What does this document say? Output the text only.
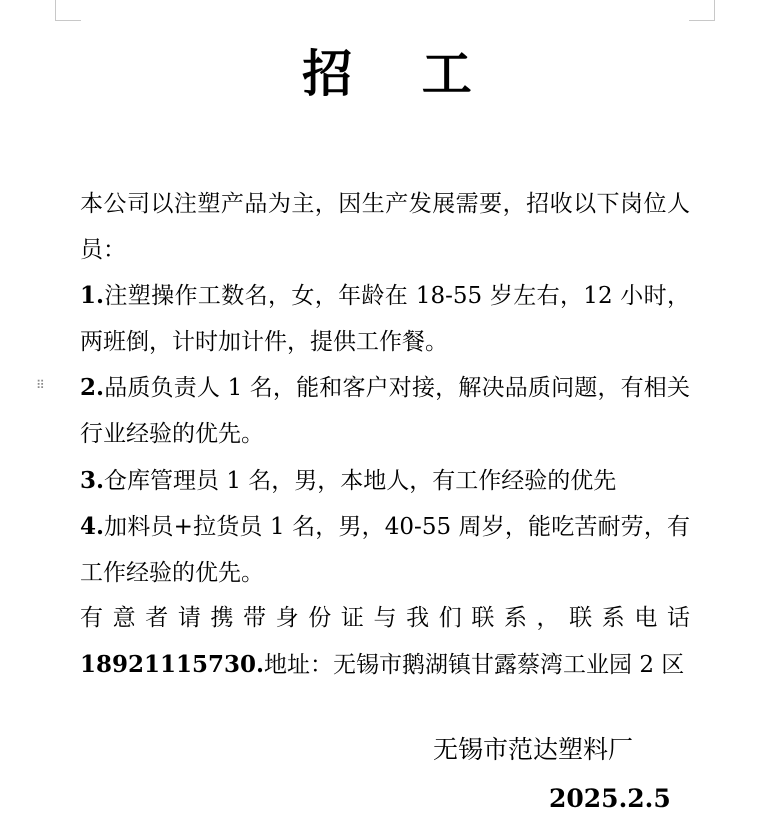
⠿
招 工

本公司以注塑产品为主，因生产发展需要，招收以下岗位人员：

1.注塑操作工数名，女，年龄在 18-55 岁左右，12 小时，两班倒，计时加计件，提供工作餐。

2.品质负责人 1 名，能和客户对接，解决品质问题，有相关行业经验的优先。

3.仓库管理员 1 名，男，本地人，有工作经验的优先

4.加料员+拉货员 1 名，男，40-55 周岁，能吃苦耐劳，有工作经验的优先。

有意者请携带身份证与我们联系，联系电话

18921115730.地址：无锡市鹅湖镇甘露蔡湾工业园 2 区

无锡市范达塑料厂
2025.2.5
